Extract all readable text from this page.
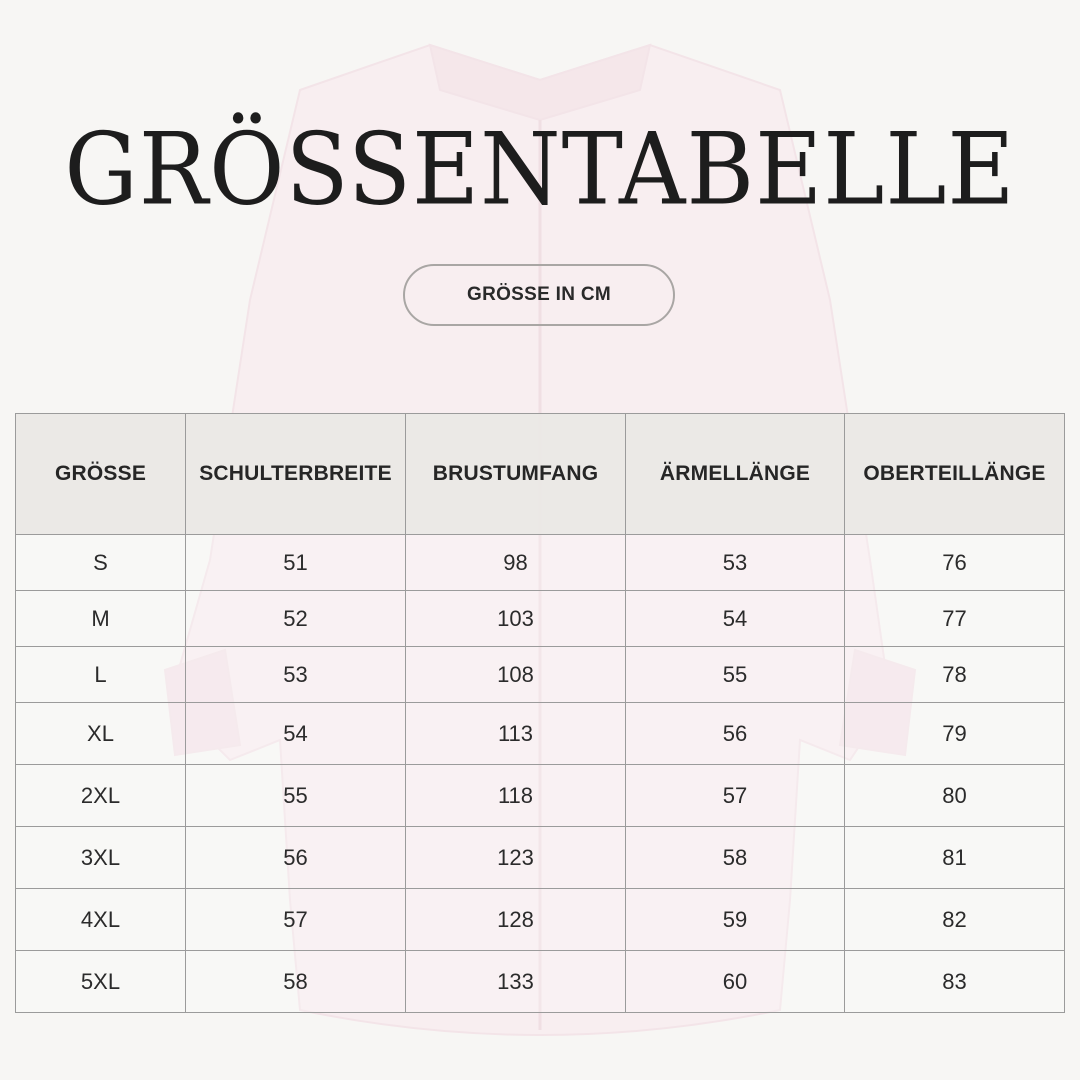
GRÖSSENTABELLE
GRÖSSE IN CM
GRÖSSE	SCHULTERBREITE	BRUSTUMFANG	ÄRMELLÄNGE	OBERTEILLÄNGE
S	51	98	53	76
M	52	103	54	77
L	53	108	55	78
XL	54	113	56	79
2XL	55	118	57	80
3XL	56	123	58	81
4XL	57	128	59	82
5XL	58	133	60	83
